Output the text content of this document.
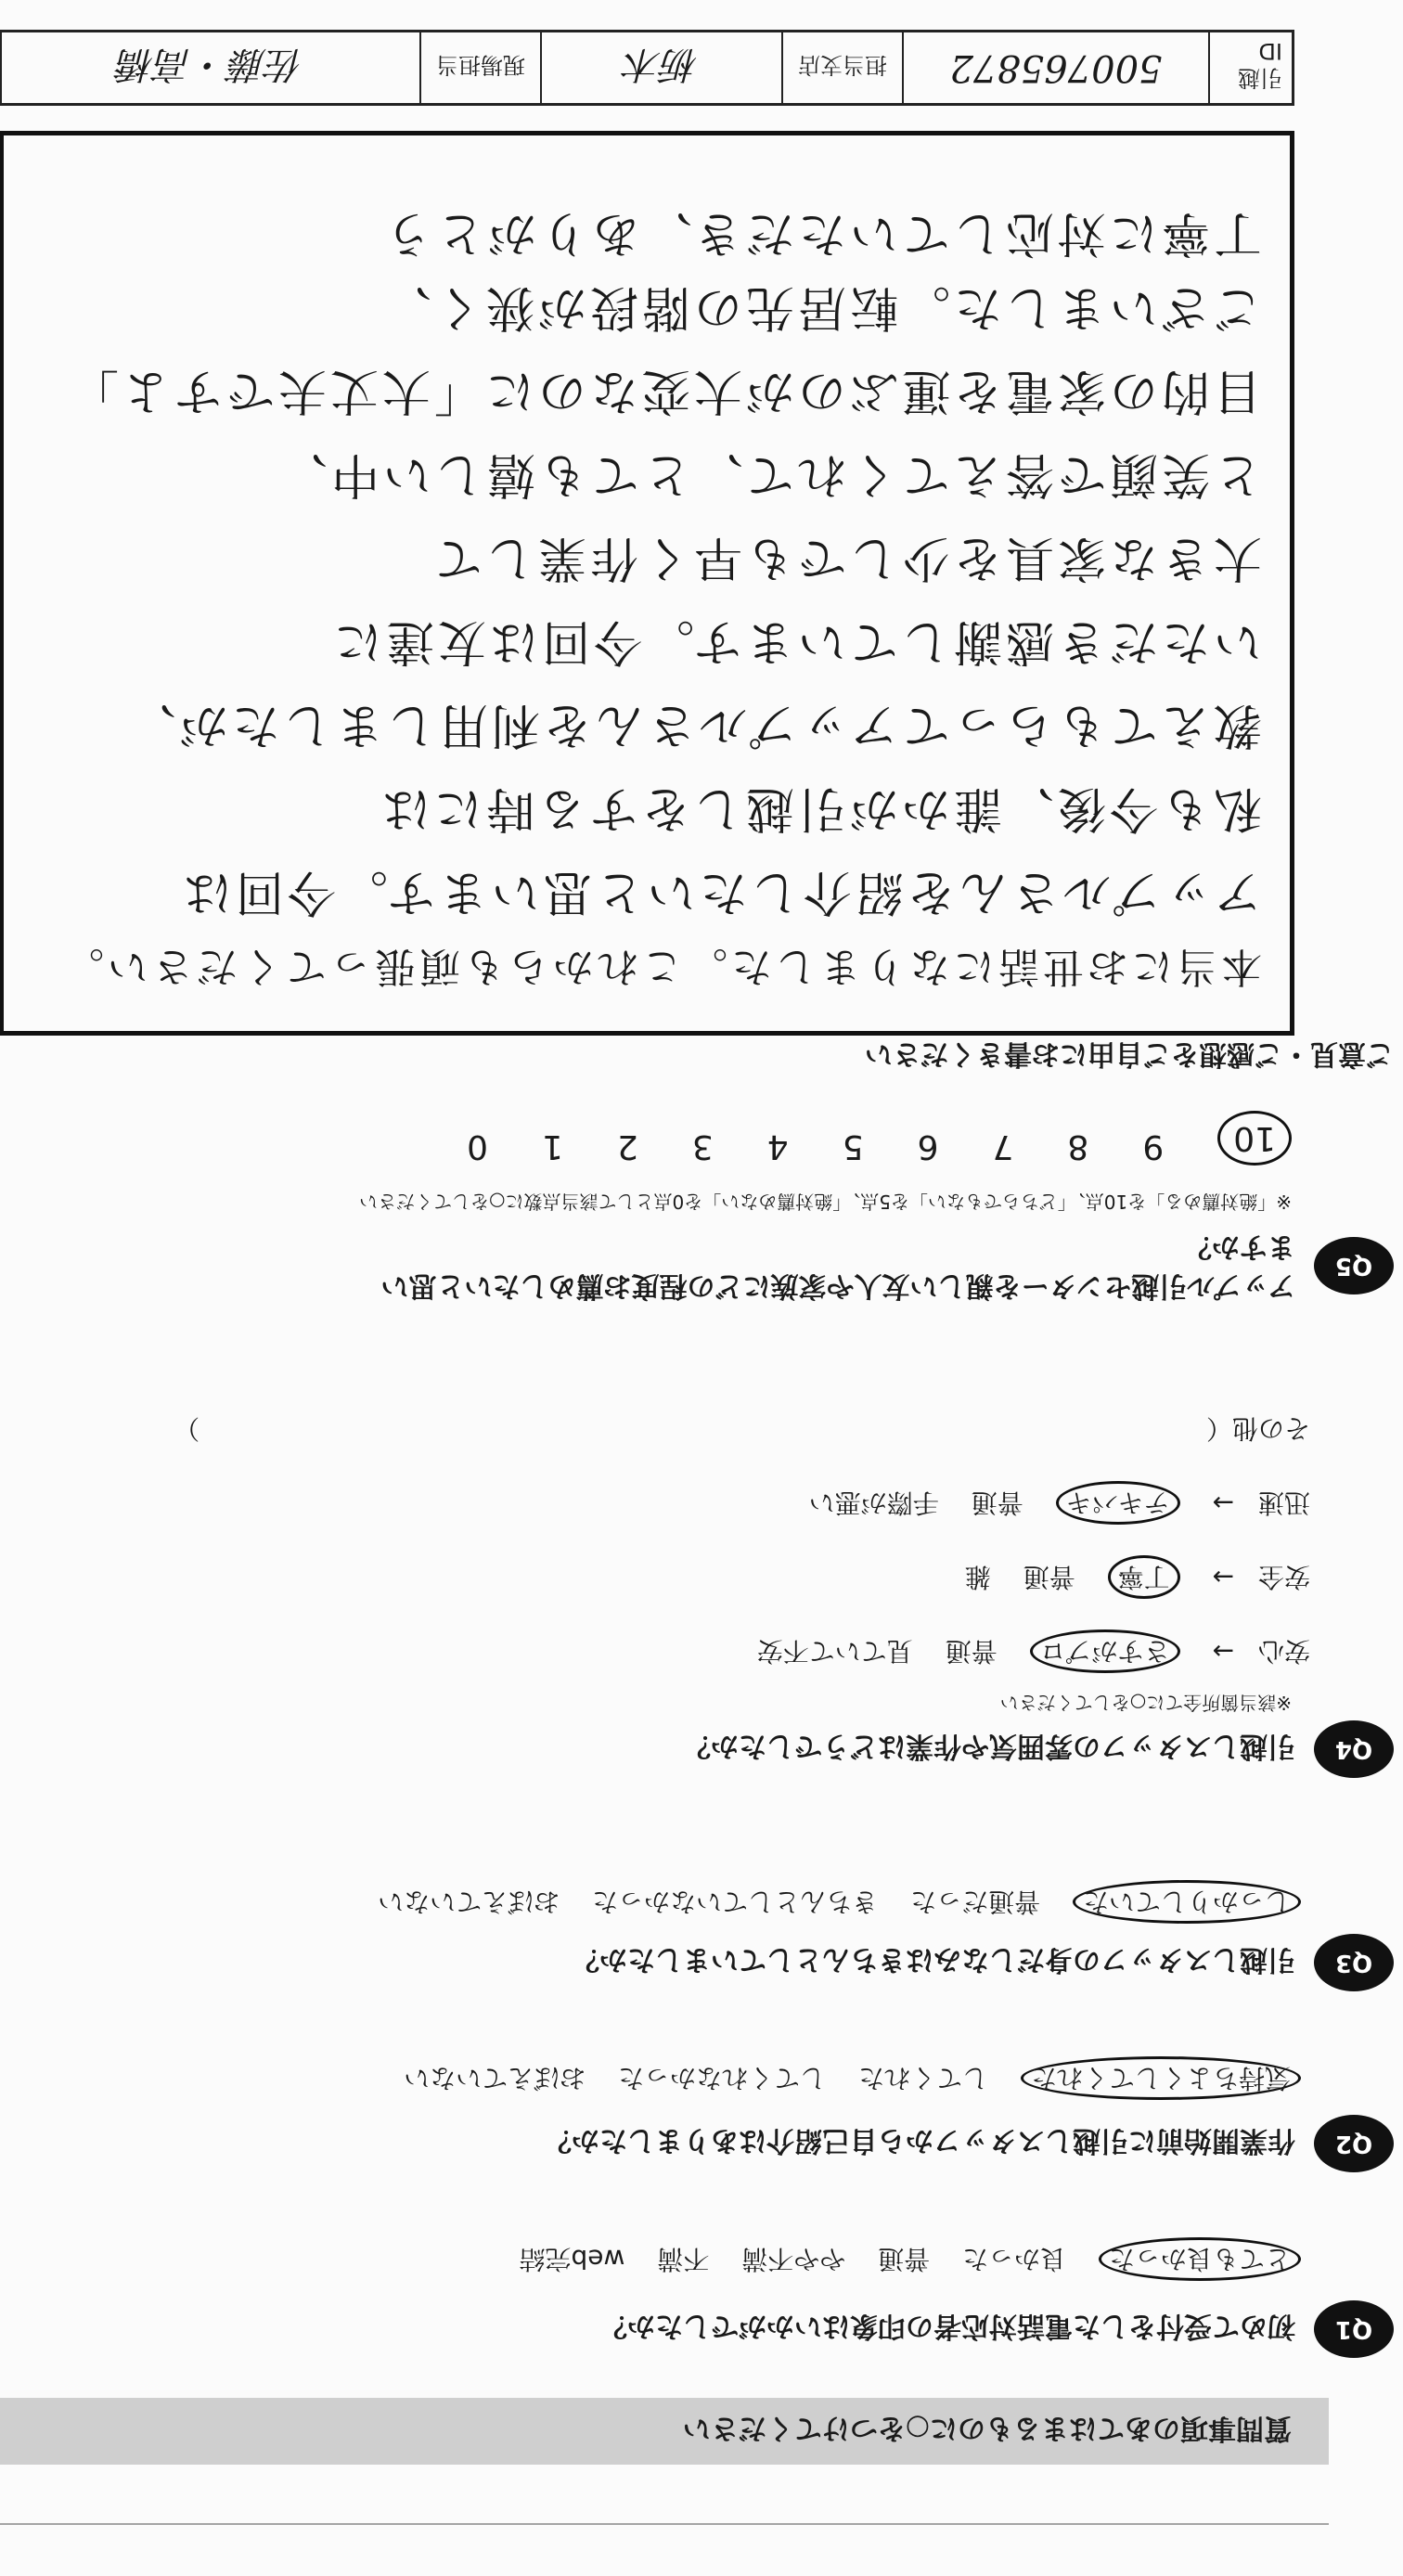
引越ID
500765872
担当支店
栃木
現場担当
佐藤・高橋
ご意見・ご感想をご自由にお書きください
丁寧に対応していただき、ありがとう
ございました。転居先の階段が狭く、
目的の家電を運ぶのが大変なのに「大丈夫ですよ」
と笑顔で答えてくれて、とても嬉しい中、
大きな家具を少しでも早く作業して
いただき感謝しています。今回は友達に
教えてもらってアップルさんを利用しましたが、
私も今後、誰かが引越しをする時には
アップルさんを紹介したいと思います。今回は
本当にお世話になりました。これからも頑張ってください。
Q5
アップル引越センターを親しい友人や家族にどの程度お薦めしたいと思いますか？
※「絶対薦める」を10点、「どちらでもない」を5点、「絶対薦めない」を0点として該当点数に○をしてください
10
9
8
7
6
5
4
3
2
1
0
Q4
引越しスタッフの雰囲気や作業はどうでしたか？
※該当箇所全てに○をしてください
安心→ さすがプロ 普通 見ていて不安
安全→ 丁寧 普通 雑
迅速→ テキパキ 普通 手際が悪い
その他（ ）
Q3
引越しスタッフの身だしなみはきちんとしていましたか？
しっかりしていた 普通だった きちんとしていなかった おぼえていない
Q2
作業開始前に引越しスタッフから自己紹介はありましたか？
気持ちよくしてくれた してくれた してくれなかった おぼえていない
Q1
初めて受付をした電話対応者の印象はいかがでしたか？
とても良かった 良かった 普通 やや不満 不満 web完結
質問事項のあてはまるものに○をつけてください
